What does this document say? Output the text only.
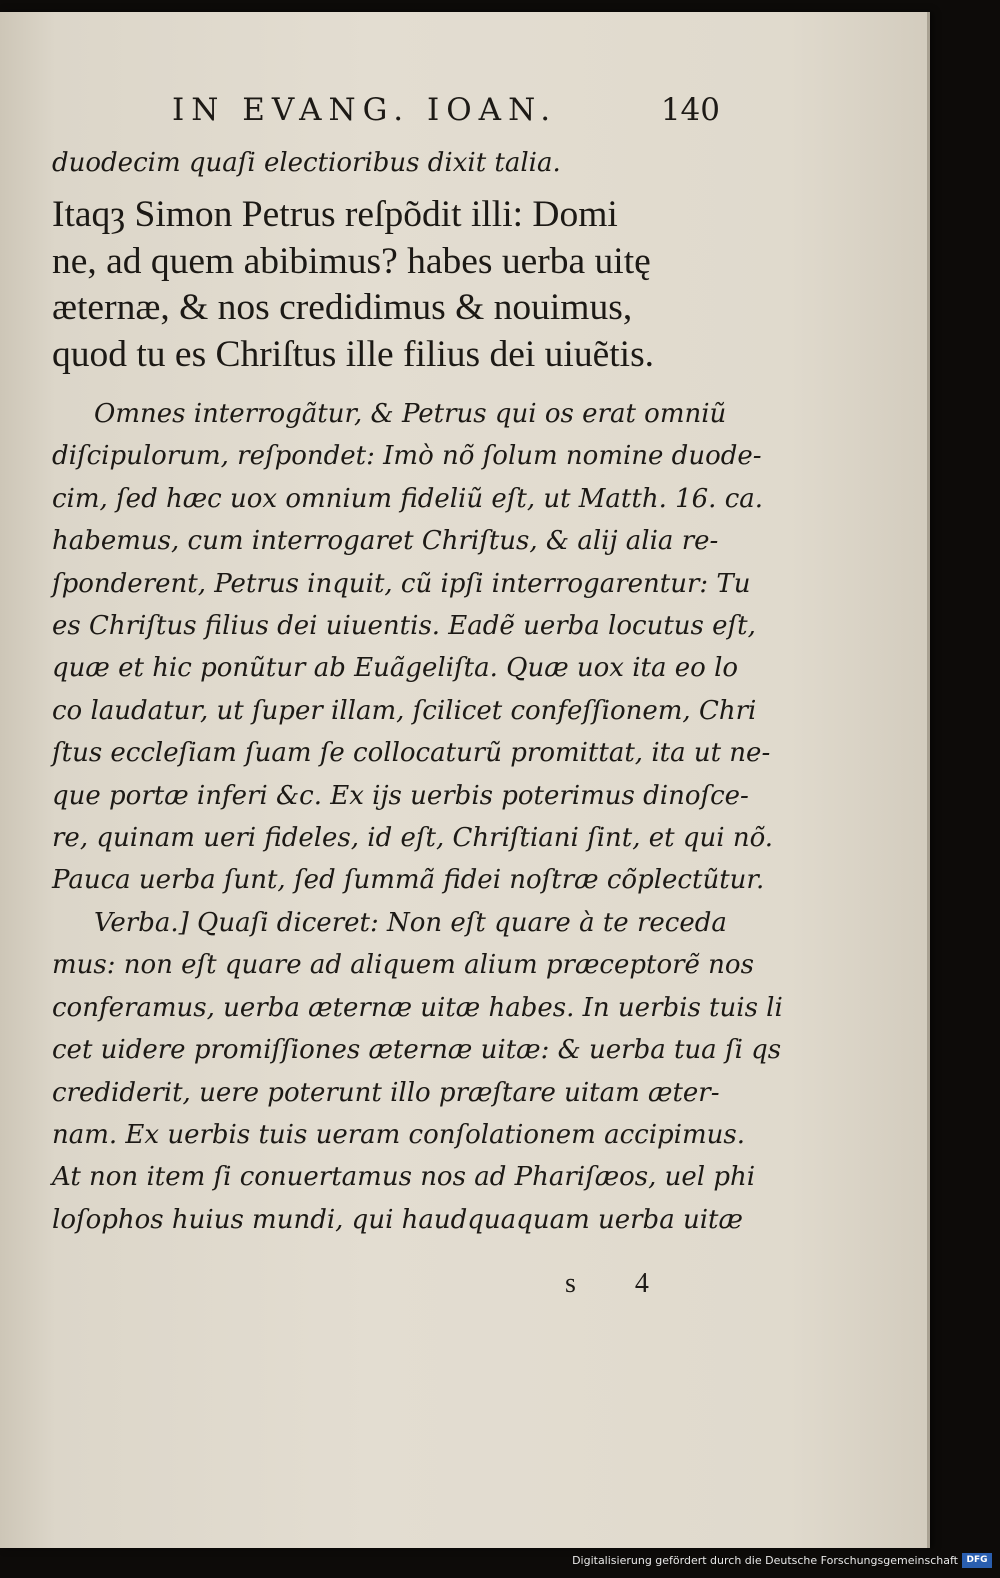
IN EVANG. IOAN.	140
duodecim quaſi electioribus dixit talia.
Itaqȝ Simon Petrus reſpõdit illi: Domi
ne, ad quem abibimus? habes uerba uitę
æternæ, & nos credidimus & nouimus,
quod tu es Chriſtus ille filius dei uiuẽtis.
Omnes interrogãtur, & Petrus qui os erat omniũ
diſcipulorum, reſpondet: Imò nõ ſolum nomine duode-
cim, ſed hæc uox omnium fideliũ eſt, ut Matth. 16. ca.
habemus, cum interrogaret Chriſtus, & alij alia re-
ſponderent, Petrus inquit, cũ ipſi interrogarentur: Tu
es Chriſtus filius dei uiuentis. Eadẽ uerba locutus eſt,
quæ et hic ponũtur ab Euãgeliſta. Quæ uox ita eo lo
co laudatur, ut ſuper illam, ſcilicet confeſſionem, Chri
ſtus eccleſiam ſuam ſe collocaturũ promittat, ita ut ne-
que portæ inferi &c. Ex ijs uerbis poterimus dinoſce-
re, quinam ueri fideles, id eſt, Chriſtiani ſint, et qui nõ.
Pauca uerba ſunt, ſed ſummã fidei noſtræ cõplectũtur.
Verba.] Quaſi diceret: Non eſt quare à te receda
mus: non eſt quare ad aliquem alium præceptorẽ nos
conferamus, uerba æternæ uitæ habes. In uerbis tuis li
cet uidere promiſſiones æternæ uitæ: & uerba tua ſi qs
crediderit, uere poterunt illo præſtare uitam æter-
nam. Ex uerbis tuis ueram conſolationem accipimus.
At non item ſi conuertamus nos ad Phariſæos, uel phi
loſophos huius mundi, qui haudquaquam uerba uitæ
s 4
Digitalisierung gefördert durch die Deutsche Forschungsgemeinschaft DFG
